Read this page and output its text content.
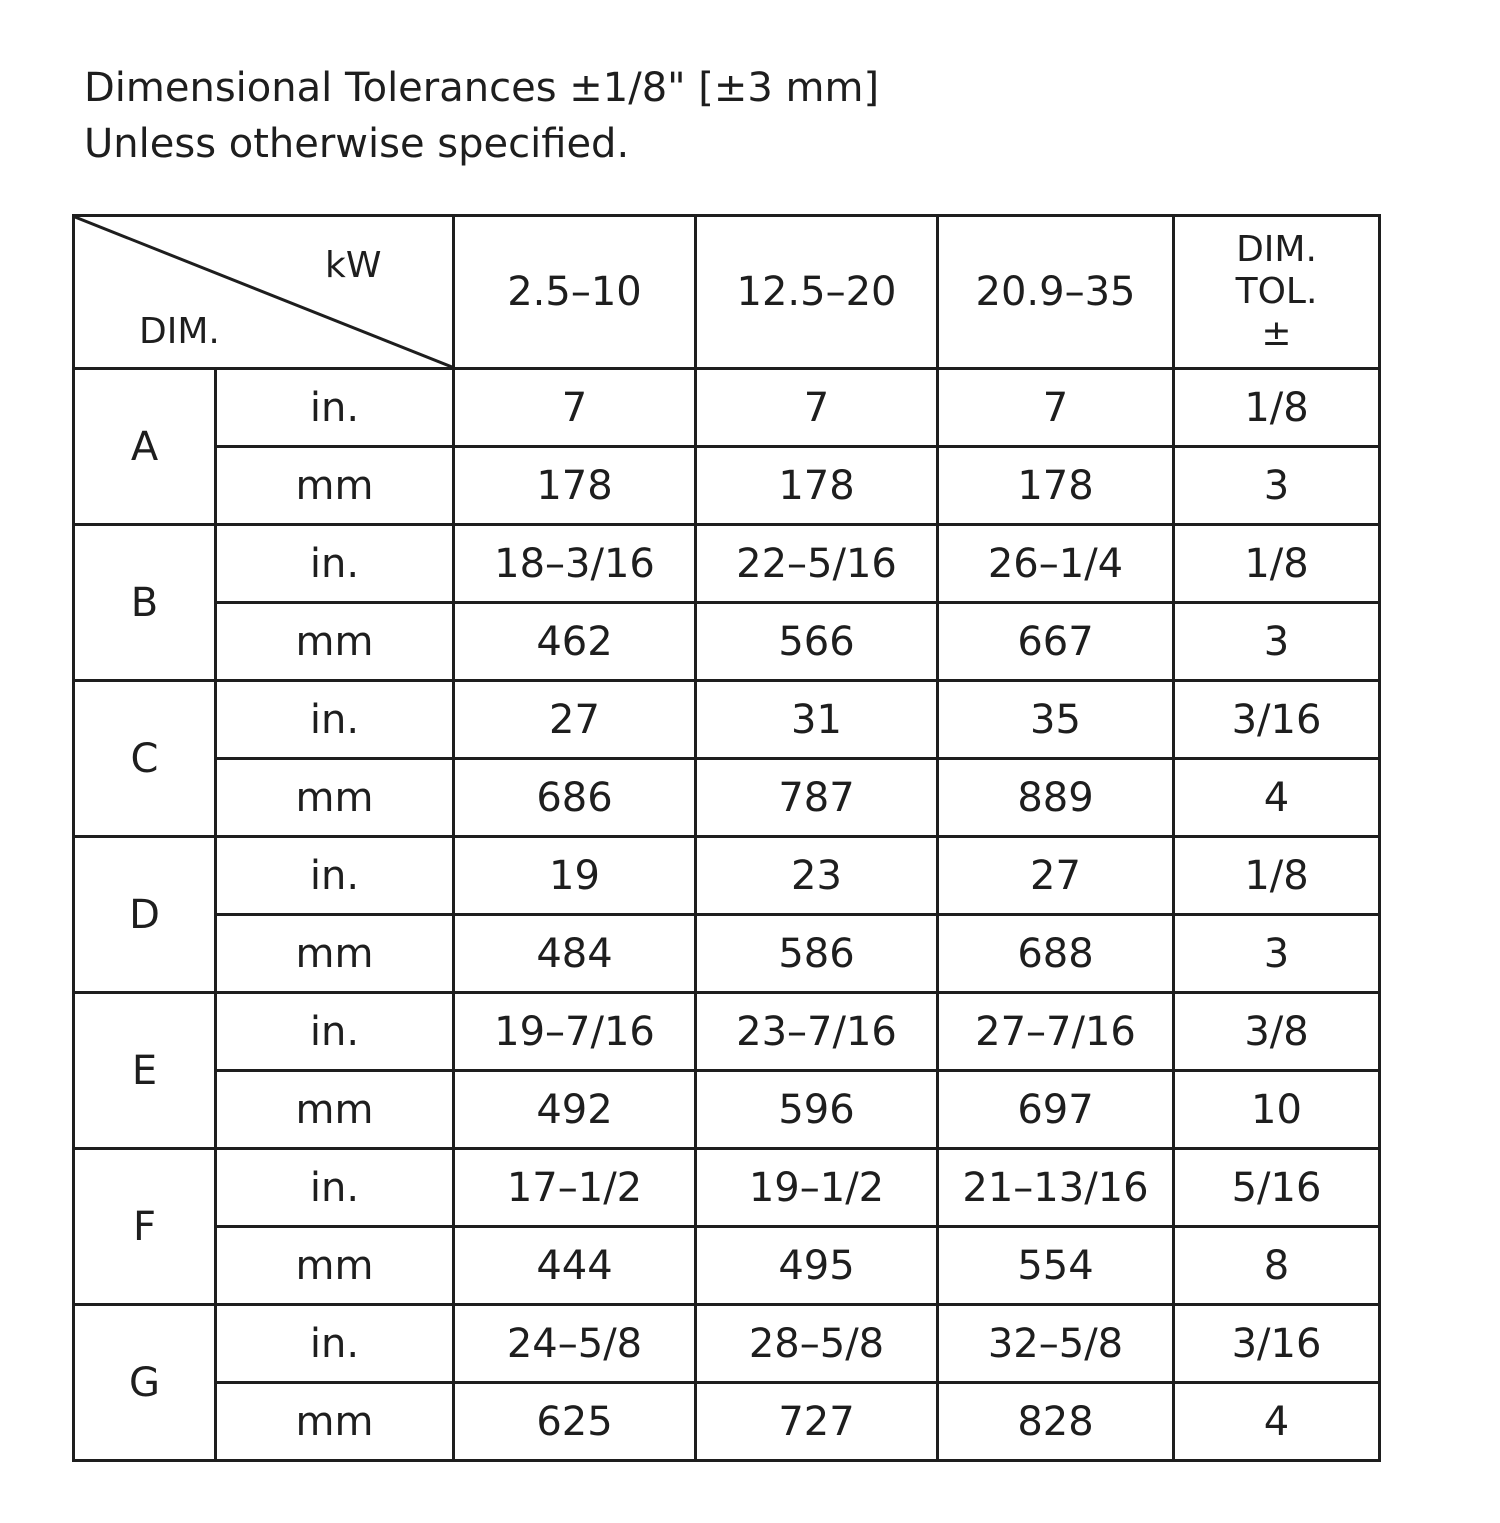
Dimensional Tolerances ±1/8" [±3 mm]
Unless otherwise specified.
kW
DIM.		2.5–10	12.5–20	20.9–35	DIM.
TOL.
±

A	in.	7	7	7	1/8
	mm	178	178	178	3
B	in.	18–3/16	22–5/16	26–1/4	1/8
	mm	462	566	667	3
C	in.	27	31	35	3/16
	mm	686	787	889	4
D	in.	19	23	27	1/8
	mm	484	586	688	3
E	in.	19–7/16	23–7/16	27–7/16	3/8
	mm	492	596	697	10
F	in.	17–1/2	19–1/2	21–13/16	5/16
	mm	444	495	554	8
G	in.	24–5/8	28–5/8	32–5/8	3/16
	mm	625	727	828	4
